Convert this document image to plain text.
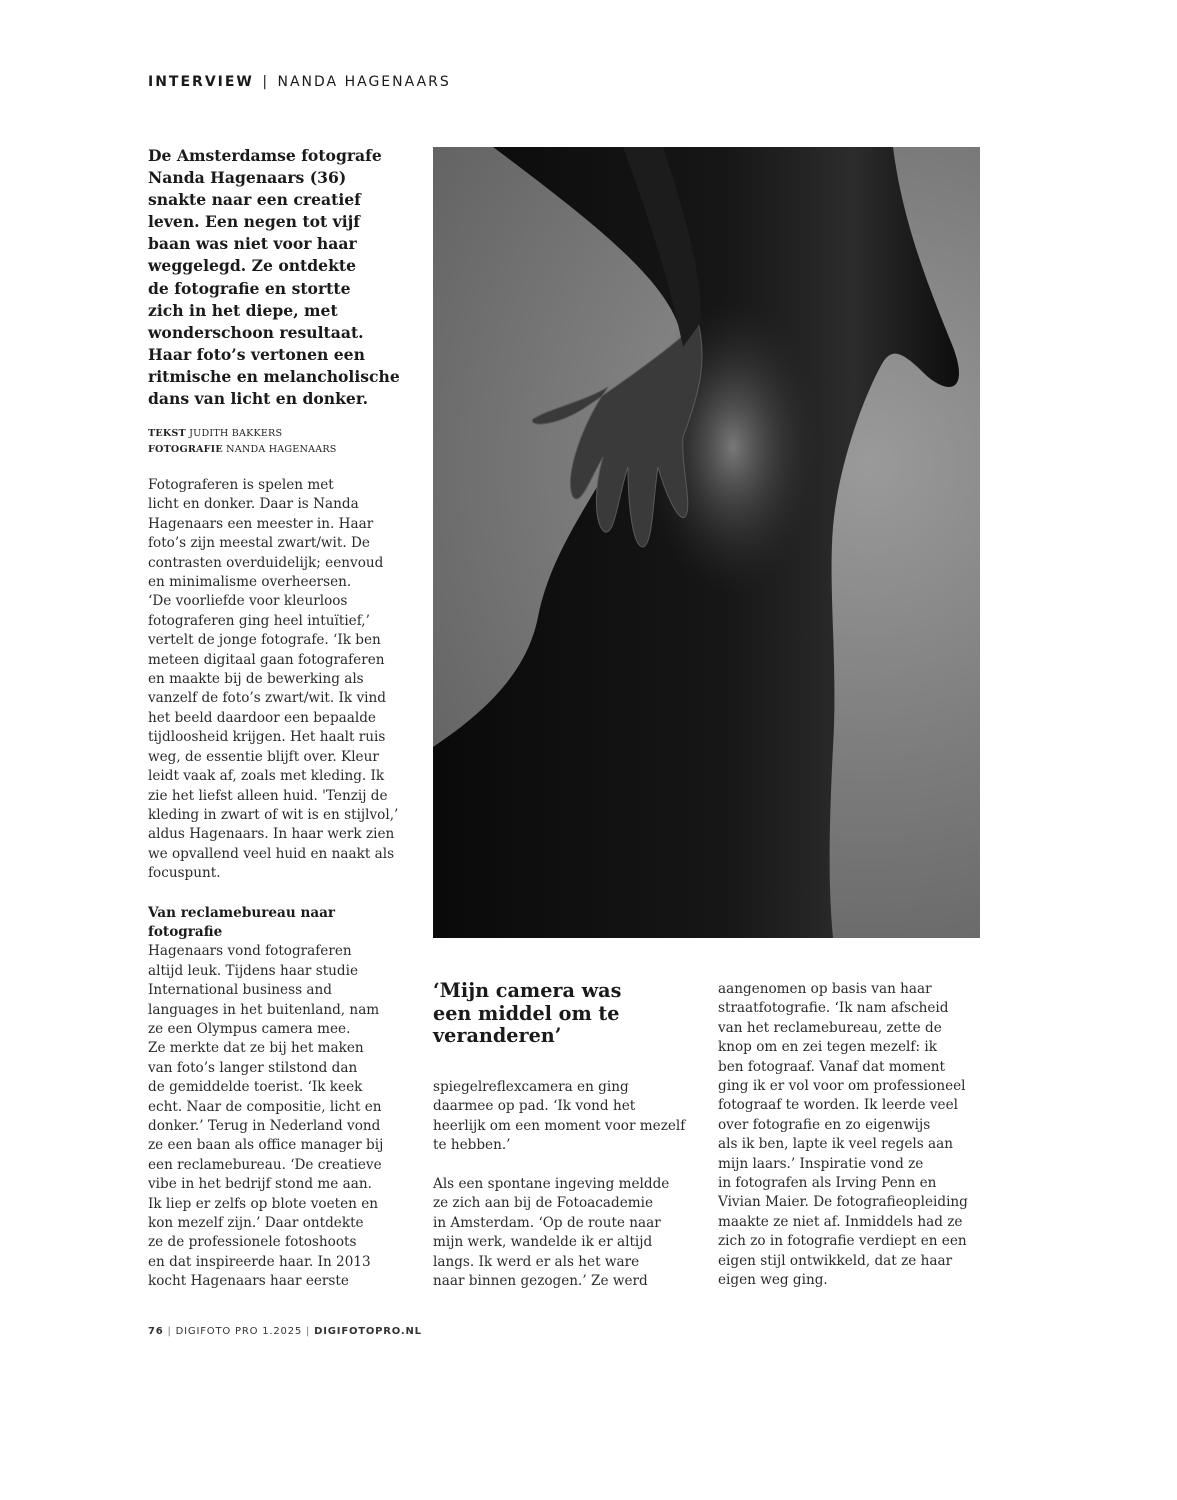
INTERVIEW | NANDA HAGENAARS
De Amsterdamse fotografe
Nanda Hagenaars (36)
snakte naar een creatief
leven. Een negen tot vijf
baan was niet voor haar
weggelegd. Ze ontdekte
de fotografie en stortte
zich in het diepe, met
wonderschoon resultaat.
Haar foto’s vertonen een
ritmische en melancholische
dans van licht en donker.
TEKST JUDITH BAKKERS
FOTOGRAFIE NANDA HAGENAARS
Fotograferen is spelen met
licht en donker. Daar is Nanda
Hagenaars een meester in. Haar
foto’s zijn meestal zwart/wit. De
contrasten overduidelijk; eenvoud
en minimalisme overheersen.
‘De voorliefde voor kleurloos
fotograferen ging heel intuïtief,’
vertelt de jonge fotografe. ‘Ik ben
meteen digitaal gaan fotograferen
en maakte bij de bewerking als
vanzelf de foto’s zwart/wit. Ik vind
het beeld daardoor een bepaalde
tijdloosheid krijgen. Het haalt ruis
weg, de essentie blijft over. Kleur
leidt vaak af, zoals met kleding. Ik
zie het liefst alleen huid. 'Tenzij de
kleding in zwart of wit is en stijlvol,’
aldus Hagenaars. In haar werk zien
we opvallend veel huid en naakt als
focuspunt.
Van reclamebureau naar
fotografie
Hagenaars vond fotograferen
altijd leuk. Tijdens haar studie
International business and
languages in het buitenland, nam
ze een Olympus camera mee.
Ze merkte dat ze bij het maken
van foto’s langer stilstond dan
de gemiddelde toerist. ‘Ik keek
echt. Naar de compositie, licht en
donker.’ Terug in Nederland vond
ze een baan als office manager bij
een reclamebureau. ‘De creatieve
vibe in het bedrijf stond me aan.
Ik liep er zelfs op blote voeten en
kon mezelf zijn.’ Daar ontdekte
ze de professionele fotoshoots
en dat inspireerde haar. In 2013
kocht Hagenaars haar eerste
‘Mijn camera was
een middel om te
veranderen’
spiegelreflexcamera en ging
daarmee op pad. ‘Ik vond het
heerlijk om een moment voor mezelf
te hebben.’
Als een spontane ingeving meldde
ze zich aan bij de Fotoacademie
in Amsterdam. ‘Op de route naar
mijn werk, wandelde ik er altijd
langs. Ik werd er als het ware
naar binnen gezogen.’ Ze werd
aangenomen op basis van haar
straatfotografie. ‘Ik nam afscheid
van het reclamebureau, zette de
knop om en zei tegen mezelf: ik
ben fotograaf. Vanaf dat moment
ging ik er vol voor om professioneel
fotograaf te worden. Ik leerde veel
over fotografie en zo eigenwijs
als ik ben, lapte ik veel regels aan
mijn laars.’ Inspiratie vond ze
in fotografen als Irving Penn en
Vivian Maier. De fotografieopleiding
maakte ze niet af. Inmiddels had ze
zich zo in fotografie verdiept en een
eigen stijl ontwikkeld, dat ze haar
eigen weg ging.
76 | DIGIFOTO PRO 1.2025 | DIGIFOTOPRO.NL
